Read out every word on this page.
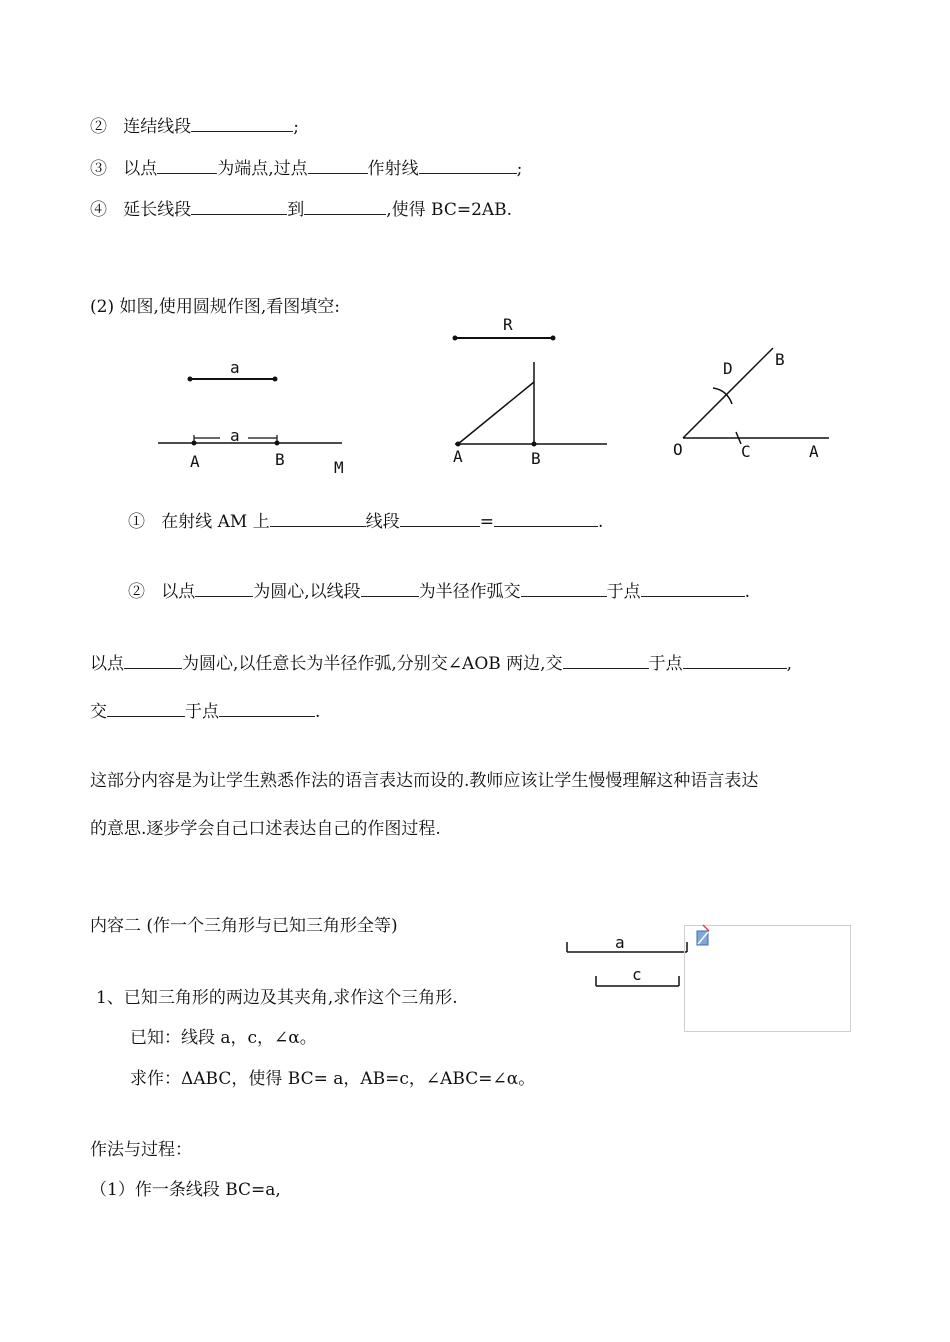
② 连结线段	;
③ 以点	为端点,过点	作射线	;
④ 延长线段	到	,使得 BC=2AB.
(2) 如图,使用圆规作图,看图填空:
a
a
A	B	M
R
A	B	O	C	A
D	B
① 在射线 AM 上	线段	=	.
② 以点	为圆心,以线段	为半径作弧交	于点	.
以点	为圆心,以任意长为半径作弧,分别交∠AOB 两边,交	于点	,
交	于点	.
这部分内容是为让学生熟悉作法的语言表达而设的.教师应该让学生慢慢理解这种语言表达
的意思.逐步学会自己口述表达自己的作图过程.
内容二 (作一个三角形与已知三角形全等)
a
c
1、已知三角形的两边及其夹角,求作这个三角形.
已知：线段 a，c，∠α。
求作：ΔABC，使得 BC= a，AB=c，∠ABC=∠α。
作法与过程：
（1）作一条线段 BC=a,
